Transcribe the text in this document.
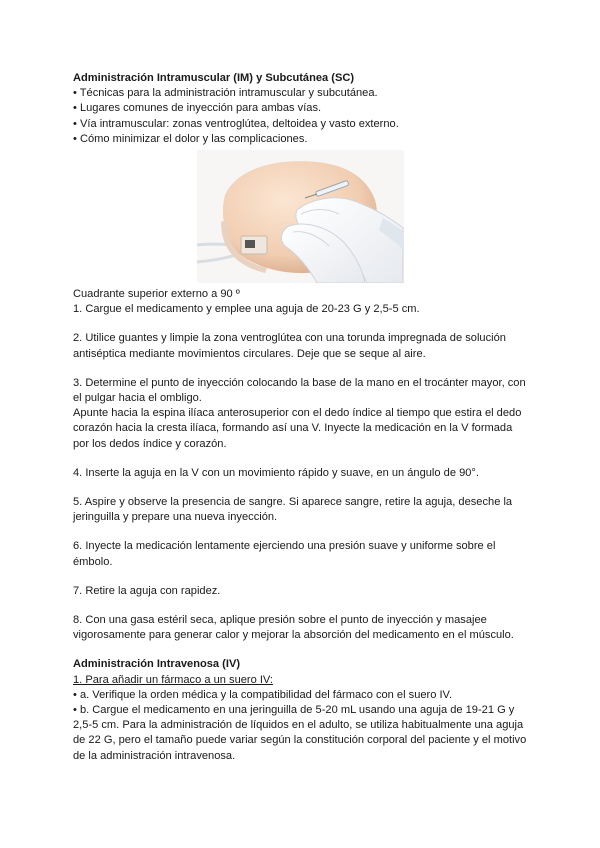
Administración Intramuscular (IM) y Subcutánea (SC)

• Técnicas para la administración intramuscular y subcutánea.

• Lugares comunes de inyección para ambas vías.

• Vía intramuscular: zonas ventroglútea, deltoidea y vasto externo.

• Cómo minimizar el dolor y las complicaciones.

Cuadrante superior externo a 90 º

1. Cargue el medicamento y emplee una aguja de 20-23 G y 2,5-5 cm.

2. Utilice guantes y limpie la zona ventroglútea con una torunda impregnada de solución

antiséptica mediante movimientos circulares. Deje que se seque al aire.

3. Determine el punto de inyección colocando la base de la mano en el trocánter mayor, con

el pulgar hacia el ombligo.

Apunte hacia la espina ilíaca anterosuperior con el dedo índice al tiempo que estira el dedo

corazón hacia la cresta ilíaca, formando así una V. Inyecte la medicación en la V formada

por los dedos índice y corazón.

4. Inserte la aguja en la V con un movimiento rápido y suave, en un ángulo de 90°.

5. Aspire y observe la presencia de sangre. Si aparece sangre, retire la aguja, deseche la

jeringuilla y prepare una nueva inyección.

6. Inyecte la medicación lentamente ejerciendo una presión suave y uniforme sobre el

émbolo.

7. Retire la aguja con rapidez.

8. Con una gasa estéril seca, aplique presión sobre el punto de inyección y masajee

vigorosamente para generar calor y mejorar la absorción del medicamento en el músculo.

Administración Intravenosa (IV)

1. Para añadir un fármaco a un suero IV:

• a. Verifique la orden médica y la compatibilidad del fármaco con el suero IV.

• b. Cargue el medicamento en una jeringuilla de 5-20 mL usando una aguja de 19-21 G y

2,5-5 cm. Para la administración de líquidos en el adulto, se utiliza habitualmente una aguja

de 22 G, pero el tamaño puede variar según la constitución corporal del paciente y el motivo

de la administración intravenosa.
